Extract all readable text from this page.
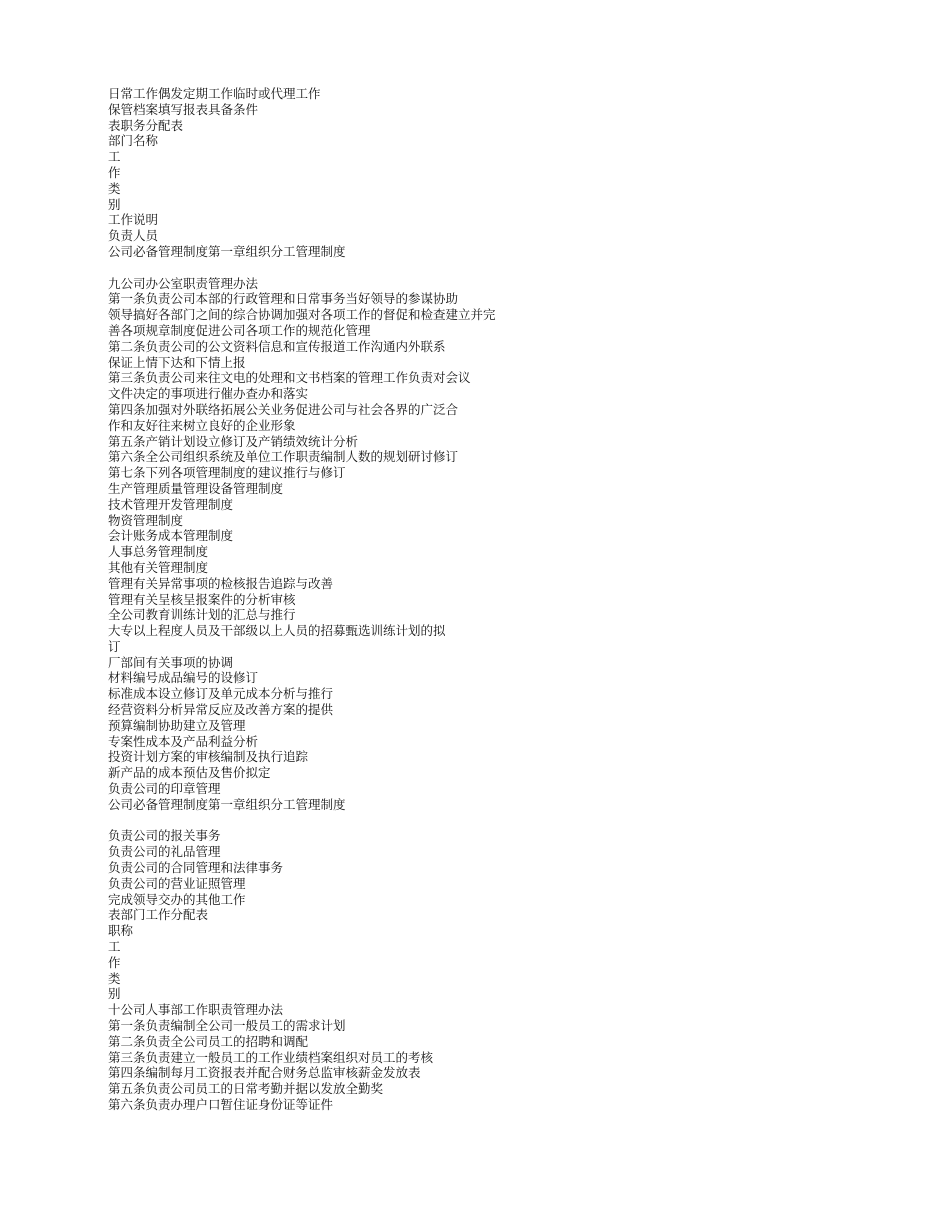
日常工作偶发定期工作临时或代理工作
保管档案填写报表具备条件
表职务分配表
部门名称
工
作
类
别
工作说明
负责人员
公司必备管理制度第一章组织分工管理制度
九公司办公室职责管理办法
第一条负责公司本部的行政管理和日常事务当好领导的参谋协助
领导搞好各部门之间的综合协调加强对各项工作的督促和检查建立并完
善各项规章制度促进公司各项工作的规范化管理
第二条负责公司的公文资料信息和宣传报道工作沟通内外联系
保证上情下达和下情上报
第三条负责公司来往文电的处理和文书档案的管理工作负责对会议
文件决定的事项进行催办查办和落实
第四条加强对外联络拓展公关业务促进公司与社会各界的广泛合
作和友好往来树立良好的企业形象
第五条产销计划设立修订及产销绩效统计分析
第六条全公司组织系统及单位工作职责编制人数的规划研讨修订
第七条下列各项管理制度的建议推行与修订
生产管理质量管理设备管理制度
技术管理开发管理制度
物资管理制度
会计账务成本管理制度
人事总务管理制度
其他有关管理制度
管理有关异常事项的检核报告追踪与改善
管理有关呈核呈报案件的分析审核
全公司教育训练计划的汇总与推行
大专以上程度人员及干部级以上人员的招募甄选训练计划的拟
订
厂部间有关事项的协调
材料编号成品编号的设修订
标准成本设立修订及单元成本分析与推行
经营资料分析异常反应及改善方案的提供
预算编制协助建立及管理
专案性成本及产品利益分析
投资计划方案的审核编制及执行追踪
新产品的成本预估及售价拟定
负责公司的印章管理
公司必备管理制度第一章组织分工管理制度
负责公司的报关事务
负责公司的礼品管理
负责公司的合同管理和法律事务
负责公司的营业证照管理
完成领导交办的其他工作
表部门工作分配表
职称
工
作
类
别
十公司人事部工作职责管理办法
第一条负责编制全公司一般员工的需求计划
第二条负责全公司员工的招聘和调配
第三条负责建立一般员工的工作业绩档案组织对员工的考核
第四条编制每月工资报表并配合财务总监审核薪金发放表
第五条负责公司员工的日常考勤并据以发放全勤奖
第六条负责办理户口暂住证身份证等证件
